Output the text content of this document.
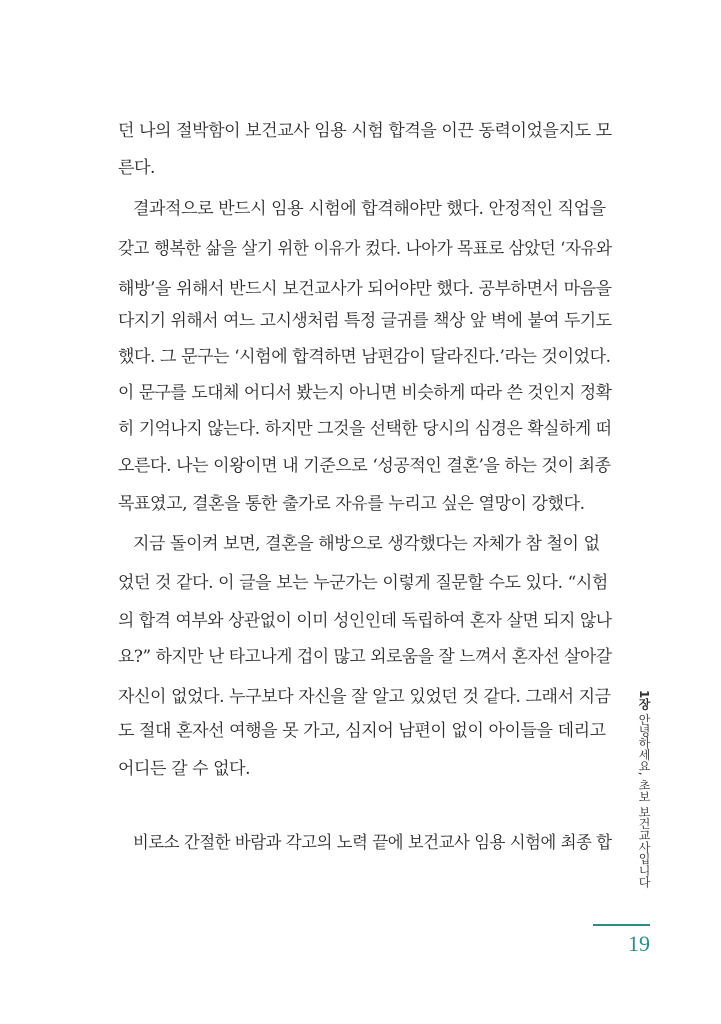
던 나의 절박함이 보건교사 임용 시험 합격을 이끈 동력이었을지도 모
른다.
결과적으로 반드시 임용 시험에 합격해야만 했다. 안정적인 직업을
갖고 행복한 삶을 살기 위한 이유가 컸다. 나아가 목표로 삼았던 ‘자유와
해방’을 위해서 반드시 보건교사가 되어야만 했다. 공부하면서 마음을
다지기 위해서 여느 고시생처럼 특정 글귀를 책상 앞 벽에 붙여 두기도
했다. 그 문구는 ‘시험에 합격하면 남편감이 달라진다.’라는 것이었다.
이 문구를 도대체 어디서 봤는지 아니면 비슷하게 따라 쓴 것인지 정확
히 기억나지 않는다. 하지만 그것을 선택한 당시의 심경은 확실하게 떠
오른다. 나는 이왕이면 내 기준으로 ‘성공적인 결혼’을 하는 것이 최종
목표였고, 결혼을 통한 출가로 자유를 누리고 싶은 열망이 강했다.
지금 돌이켜 보면, 결혼을 해방으로 생각했다는 자체가 참 철이 없
었던 것 같다. 이 글을 보는 누군가는 이렇게 질문할 수도 있다. “시험
의 합격 여부와 상관없이 이미 성인인데 독립하여 혼자 살면 되지 않나
요?” 하지만 난 타고나게 겁이 많고 외로움을 잘 느껴서 혼자선 살아갈
자신이 없었다. 누구보다 자신을 잘 알고 있었던 것 같다. 그래서 지금
도 절대 혼자선 여행을 못 가고, 심지어 남편이 없이 아이들을 데리고
어디든 갈 수 없다.
비로소 간절한 바람과 각고의 노력 끝에 보건교사 임용 시험에 최종 합
1장 안녕하세요, 초보 보건교사입니다
19
